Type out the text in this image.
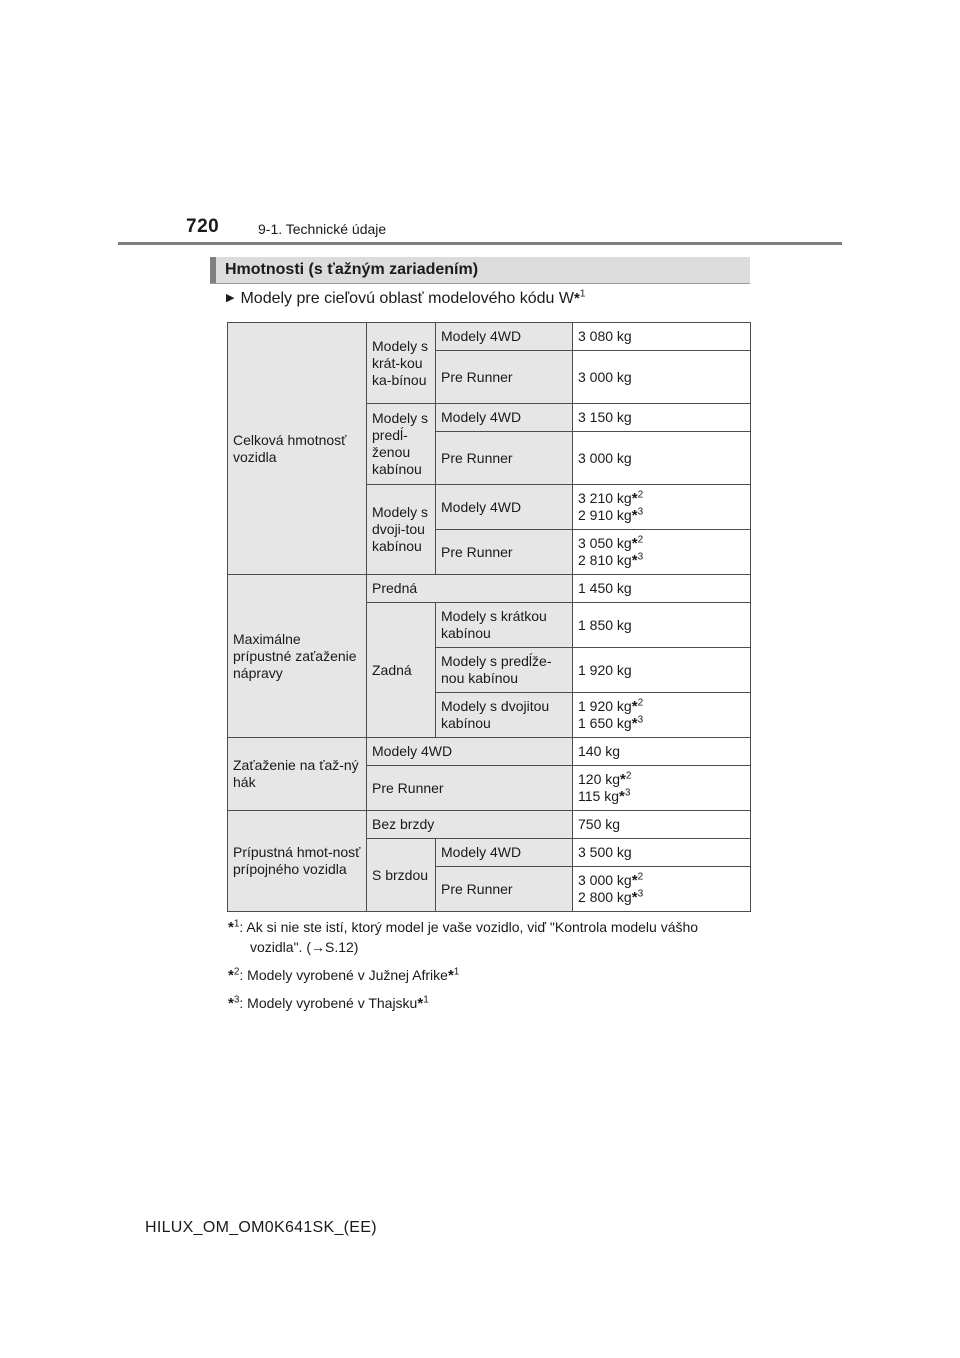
720	9-1. Technické údaje
Hmotnosti (s ťažným zariadením)
▶ Modely pre cieľovú oblasť modelového kódu W*$^1$
Celková hmotnosť vozidla	Modely s krát-kou ka-bínou	Modely 4WD	3 080 kg
		Pre Runner	3 000 kg
	Modely s predĺ-ženou kabínou	Modely 4WD	3 150 kg
		Pre Runner	3 000 kg
	Modely s dvoji-tou kabínou	Modely 4WD	3 210 kg*$^2$
2 910 kg*$^3$
		Pre Runner	3 050 kg*$^2$
2 810 kg*$^3$
Maximálne prípustné zaťaženie nápravy	Predná		1 450 kg
	Zadná	Modely s krátkou kabínou	1 850 kg
		Modely s predĺže-nou kabínou	1 920 kg
		Modely s dvojitou kabínou	1 920 kg*$^2$
1 650 kg*$^3$
Zaťaženie na ťaž-ný hák	Modely 4WD		140 kg
	Pre Runner		120 kg*$^2$
115 kg*$^3$
Prípustná hmot-nosť prípojného vozidla	Bez brzdy		750 kg
	S brzdou	Modely 4WD	3 500 kg
		Pre Runner	3 000 kg*$^2$
2 800 kg*$^3$
*$^1$: Ak si nie ste istí, ktorý model je vaše vozidlo, viď "Kontrola modelu vášho
vozidla". (→S.12)
*$^2$: Modely vyrobené v Južnej Afrike*$^1$
*$^3$: Modely vyrobené v Thajsku*$^1$
HILUX_OM_OM0K641SK_(EE)
